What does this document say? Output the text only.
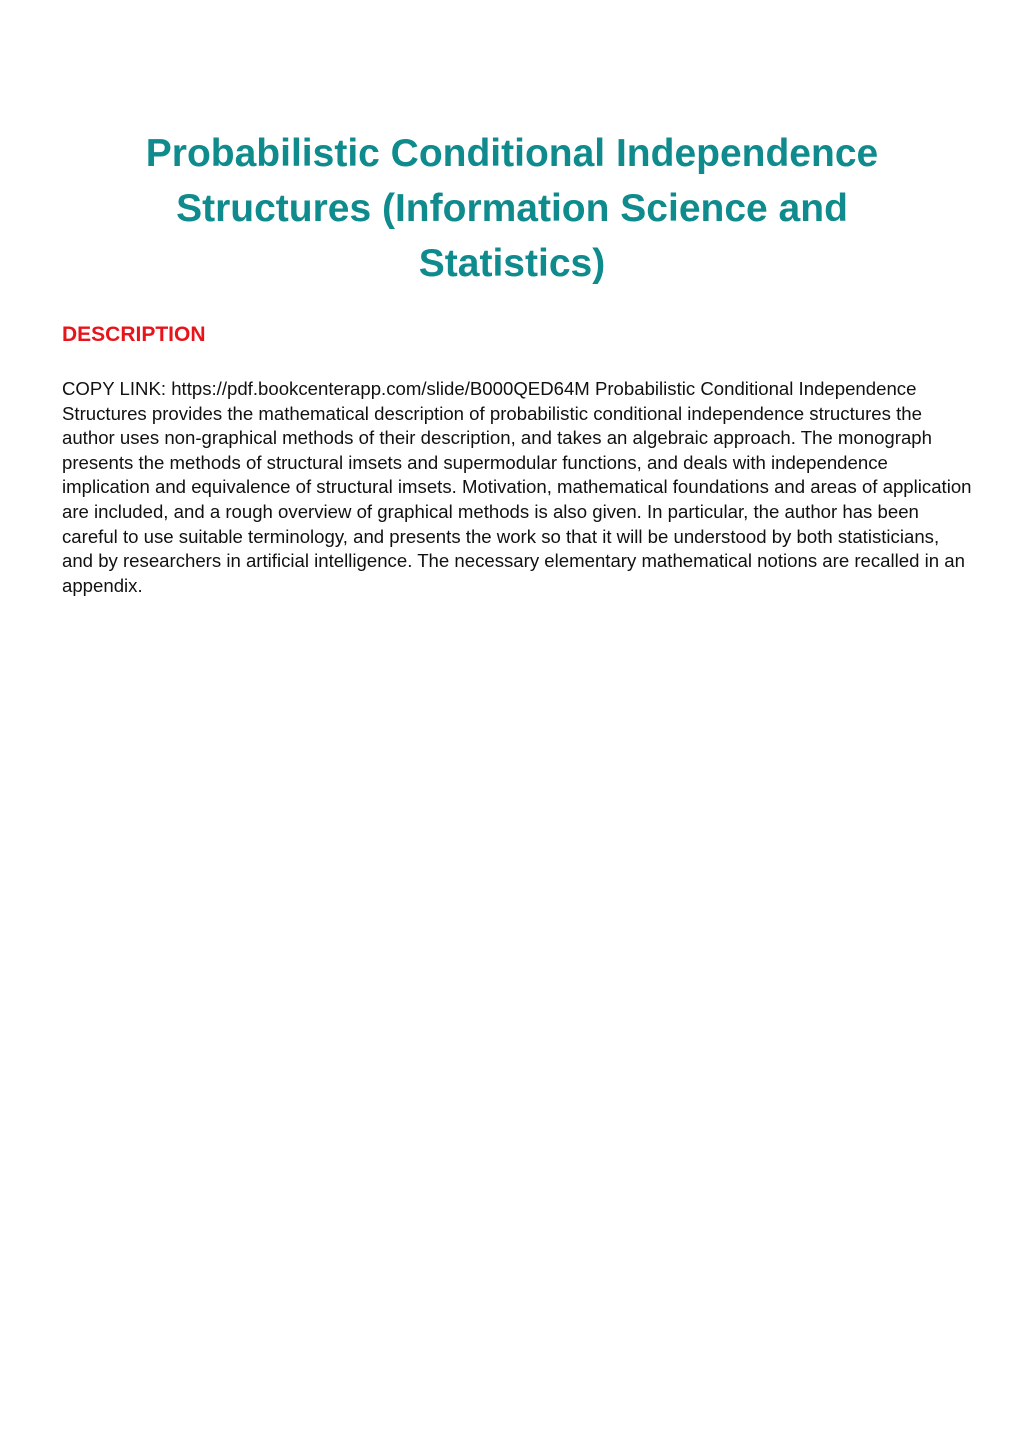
Probabilistic Conditional Independence Structures (Information Science and Statistics)
DESCRIPTION

COPY LINK: https://pdf.bookcenterapp.com/slide/B000QED64M Probabilistic Conditional Independence Structures provides the mathematical description of probabilistic conditional independence structures the author uses non-graphical methods of their description, and takes an algebraic approach. The monograph presents the methods of structural imsets and supermodular functions, and deals with independence implication and equivalence of structural imsets. Motivation, mathematical foundations and areas of application are included, and a rough overview of graphical methods is also given. In particular, the author has been careful to use suitable terminology, and presents the work so that it will be understood by both statisticians, and by researchers in artificial intelligence. The necessary elementary mathematical notions are recalled in an appendix.
